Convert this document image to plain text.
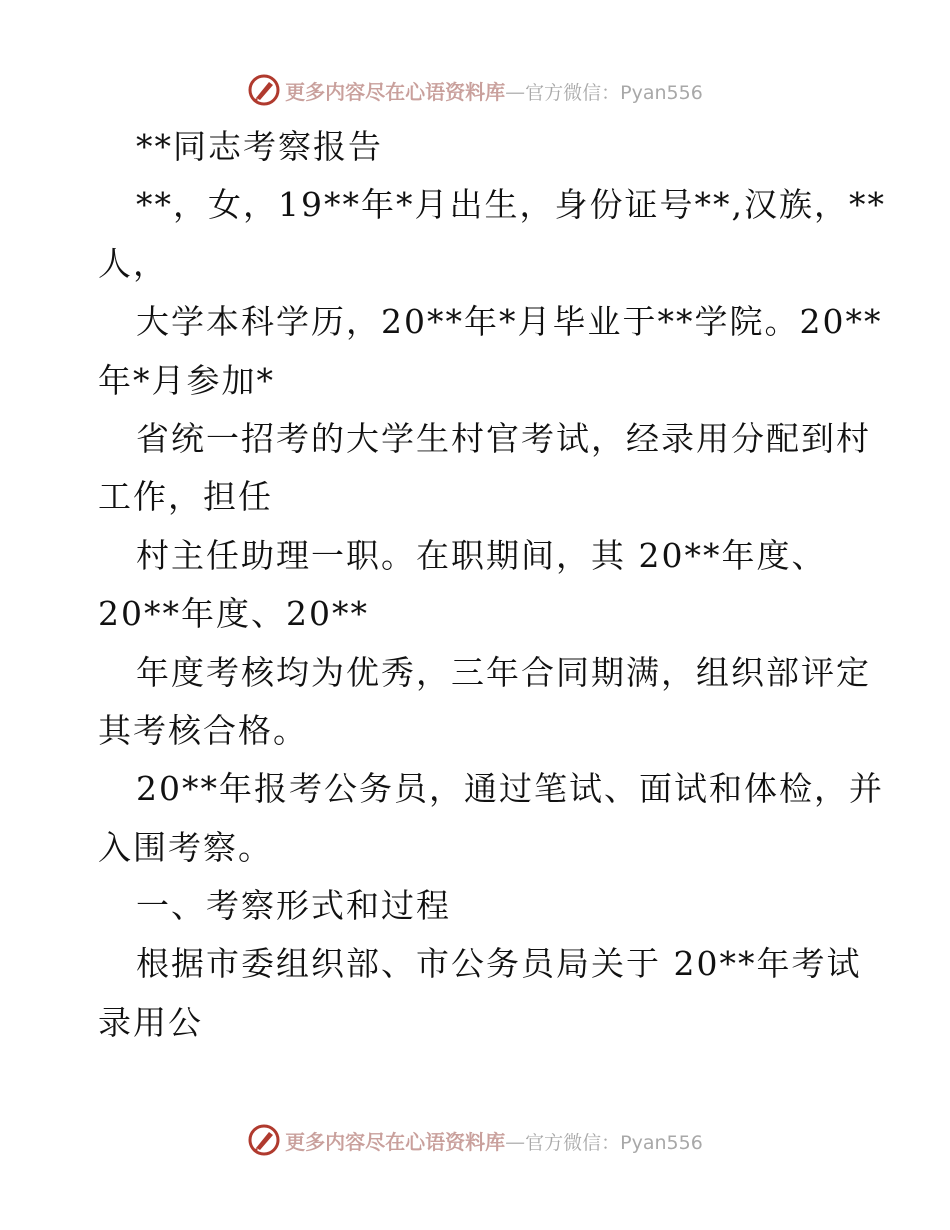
更多内容尽在心语资料库—官方微信：Pyan556
**同志考察报告
**，女，19**年*月出生，身份证号**,汉族，**
人，
大学本科学历，20**年*月毕业于**学院。20**
年*月参加*
省统一招考的大学生村官考试，经录用分配到村
工作，担任
村主任助理一职。在职期间，其 20**年度、
20**年度、20**
年度考核均为优秀，三年合同期满，组织部评定
其考核合格。
20**年报考公务员，通过笔试、面试和体检，并
入围考察。
一、考察形式和过程
根据市委组织部、市公务员局关于 20**年考试
录用公
更多内容尽在心语资料库—官方微信：Pyan556
